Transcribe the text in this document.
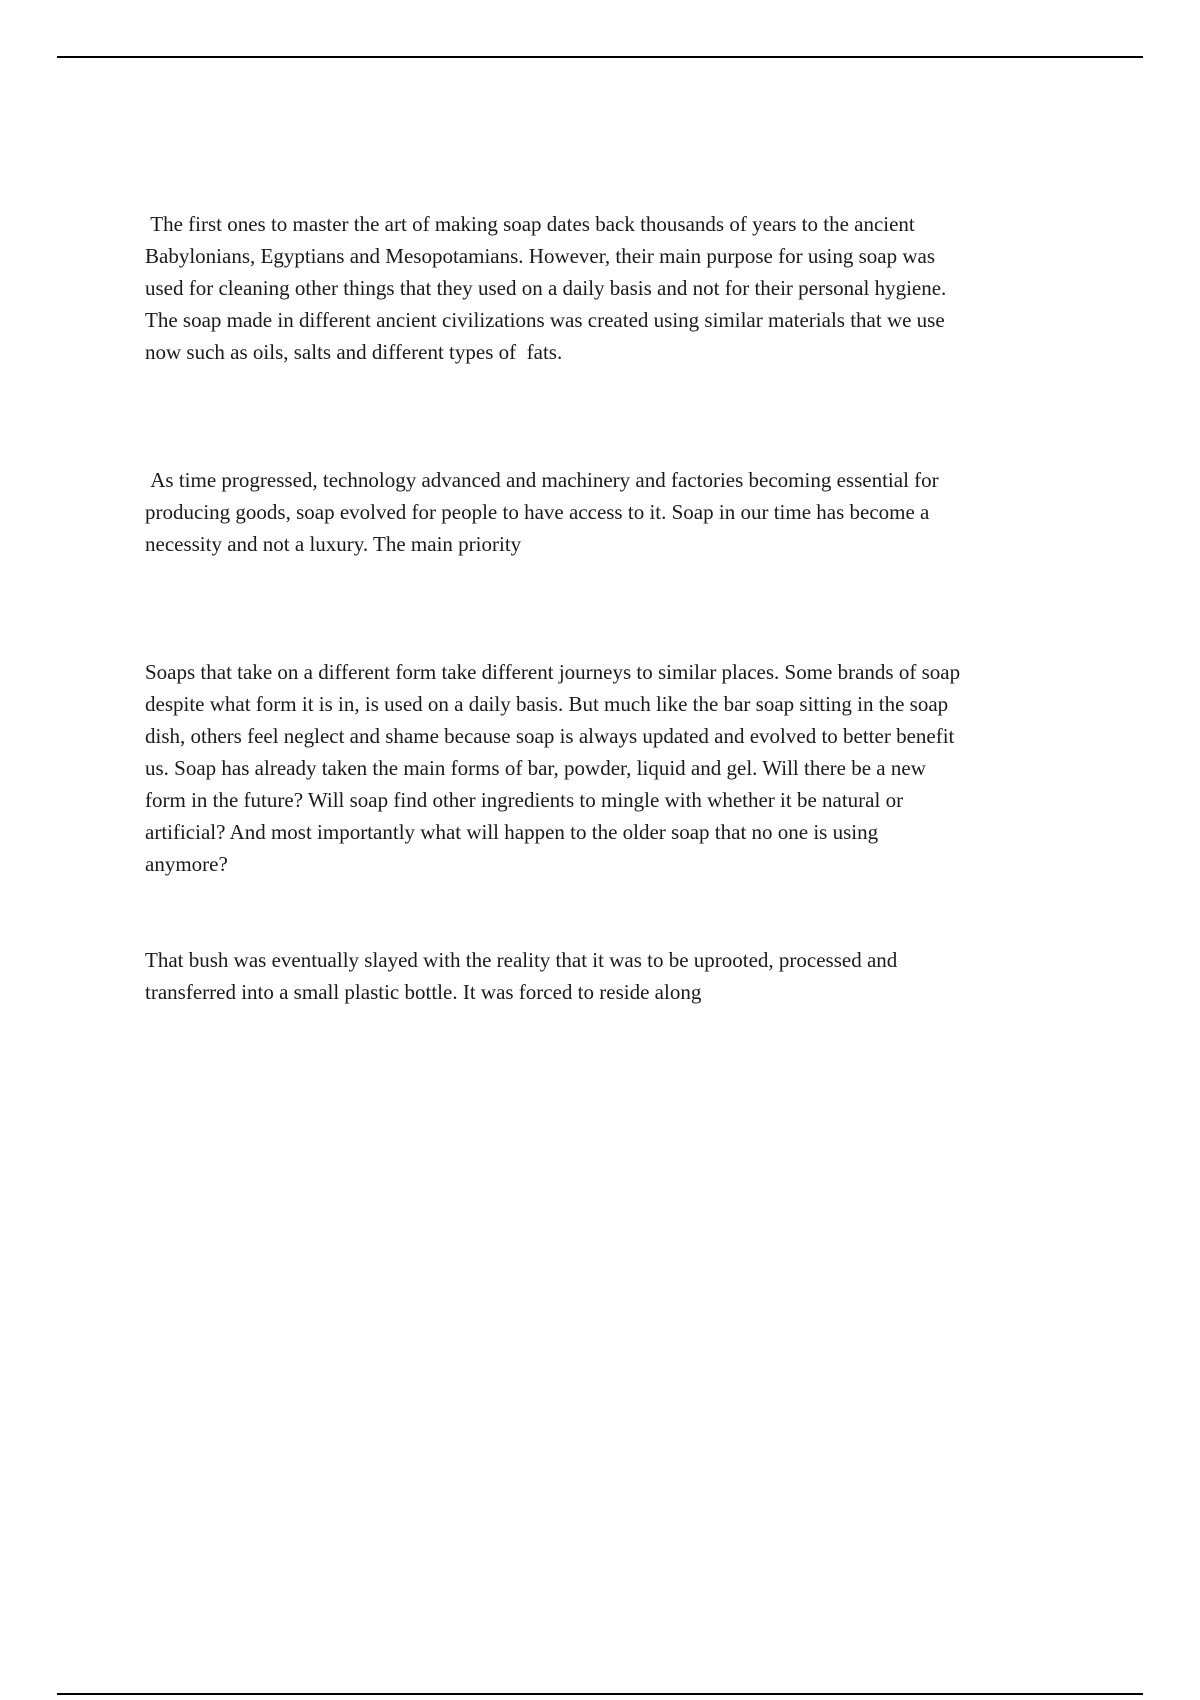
The first ones to master the art of making soap dates back thousands of years to the ancient
Babylonians, Egyptians and Mesopotamians. However, their main purpose for using soap was
used for cleaning other things that they used on a daily basis and not for their personal hygiene.
The soap made in different ancient civilizations was created using similar materials that we use
now such as oils, salts and different types of  fats.

As time progressed, technology advanced and machinery and factories becoming essential for
producing goods, soap evolved for people to have access to it. Soap in our time has become a
necessity and not a luxury. The main priority

Soaps that take on a different form take different journeys to similar places. Some brands of soap
despite what form it is in, is used on a daily basis. But much like the bar soap sitting in the soap
dish, others feel neglect and shame because soap is always updated and evolved to better benefit
us. Soap has already taken the main forms of bar, powder, liquid and gel. Will there be a new
form in the future? Will soap find other ingredients to mingle with whether it be natural or
artificial? And most importantly what will happen to the older soap that no one is using
anymore?

That bush was eventually slayed with the reality that it was to be uprooted, processed and
transferred into a small plastic bottle. It was forced to reside along
